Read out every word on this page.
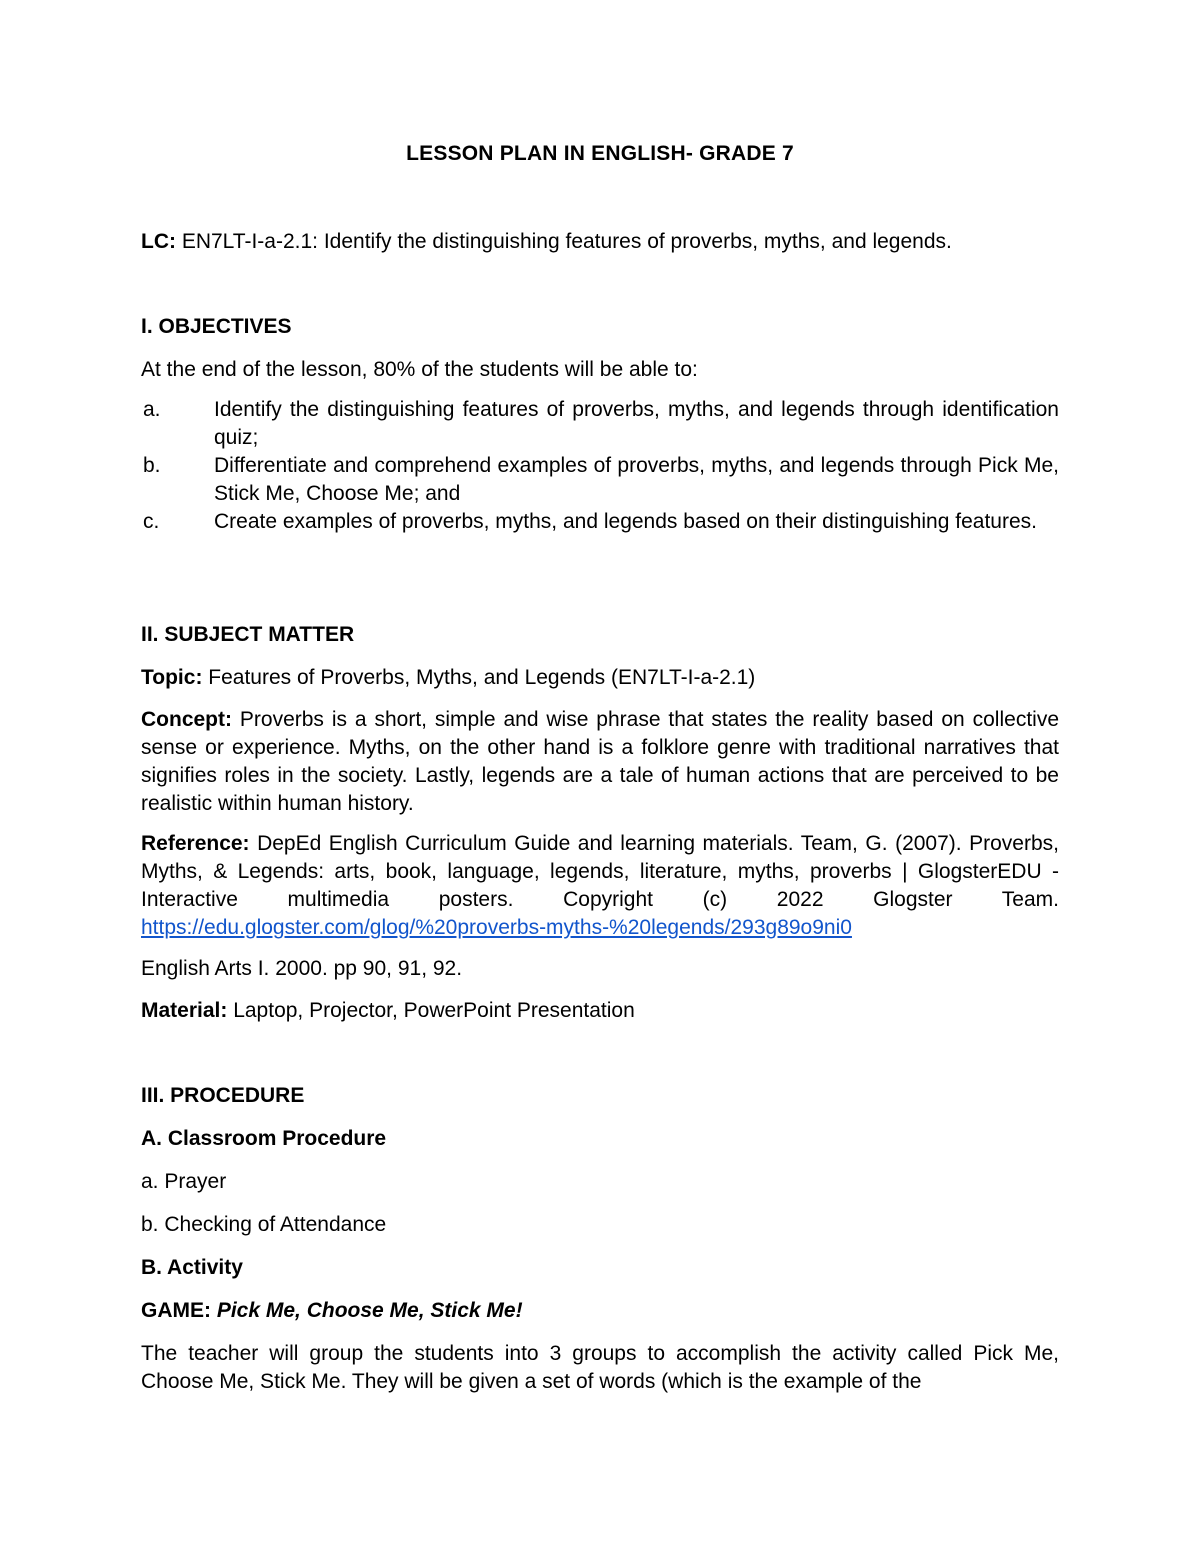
LESSON PLAN IN ENGLISH- GRADE 7
LC: EN7LT-I-a-2.1: Identify the distinguishing features of proverbs, myths, and legends.
I. OBJECTIVES
At the end of the lesson, 80% of the students will be able to:
a.	Identify the distinguishing features of proverbs, myths, and legends through identification quiz;
b.	Differentiate and comprehend examples of proverbs, myths, and legends through Pick Me, Stick Me, Choose Me; and
c.	Create examples of proverbs, myths, and legends based on their distinguishing features.
II. SUBJECT MATTER
Topic: Features of Proverbs, Myths, and Legends (EN7LT-I-a-2.1)
Concept: Proverbs is a short, simple and wise phrase that states the reality based on collective sense or experience. Myths, on the other hand is a folklore genre with traditional narratives that signifies roles in the society. Lastly, legends are a tale of human actions that are perceived to be realistic within human history.
Reference: DepEd English Curriculum Guide and learning materials. Team, G. (2007). Proverbs, Myths, & Legends: arts, book, language, legends, literature, myths, proverbs | GlogsterEDU - Interactive multimedia posters. Copyright (c) 2022 Glogster Team. https://edu.glogster.com/glog/%20proverbs-myths-%20legends/293g89o9ni0
English Arts I. 2000. pp 90, 91, 92.
Material: Laptop, Projector, PowerPoint Presentation
III. PROCEDURE
A. Classroom Procedure
a. Prayer
b. Checking of Attendance
B. Activity
GAME: Pick Me, Choose Me, Stick Me!
The teacher will group the students into 3 groups to accomplish the activity called Pick Me, Choose Me, Stick Me. They will be given a set of words (which is the example of the
